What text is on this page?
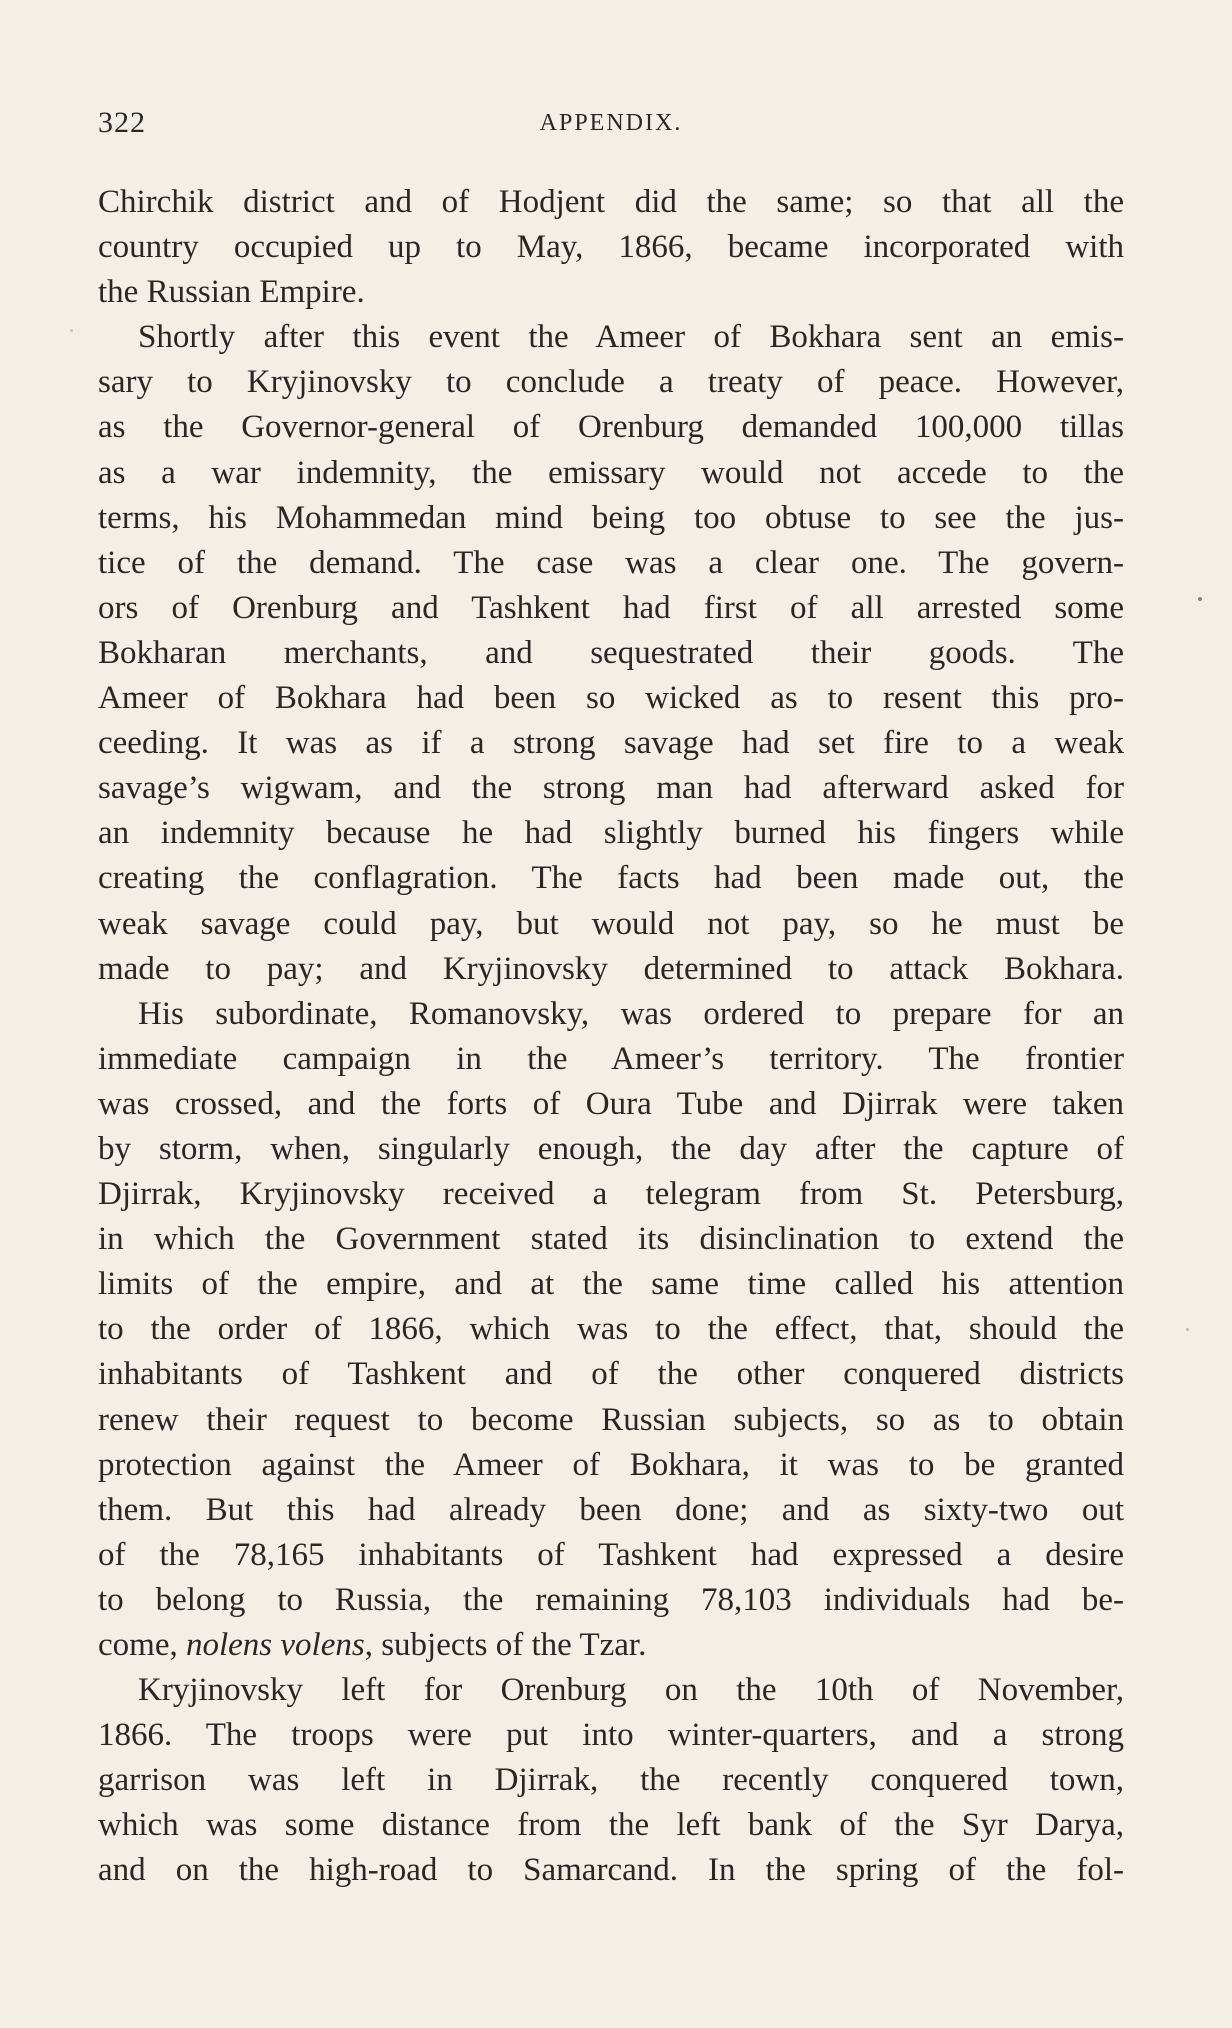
322	APPENDIX.
Chirchik district and of Hodjent did the same; so that all the
country occupied up to May, 1866, became incorporated with
the Russian Empire.
Shortly after this event the Ameer of Bokhara sent an emis-
sary to Kryjinovsky to conclude a treaty of peace. However,
as the Governor-general of Orenburg demanded 100,000 tillas
as a war indemnity, the emissary would not accede to the
terms, his Mohammedan mind being too obtuse to see the jus-
tice of the demand. The case was a clear one. The govern-
ors of Orenburg and Tashkent had first of all arrested some
Bokharan merchants, and sequestrated their goods. The
Ameer of Bokhara had been so wicked as to resent this pro-
ceeding. It was as if a strong savage had set fire to a weak
savage’s wigwam, and the strong man had afterward asked for
an indemnity because he had slightly burned his fingers while
creating the conflagration. The facts had been made out, the
weak savage could pay, but would not pay, so he must be
made to pay; and Kryjinovsky determined to attack Bokhara.
His subordinate, Romanovsky, was ordered to prepare for an
immediate campaign in the Ameer’s territory. The frontier
was crossed, and the forts of Oura Tube and Djirrak were taken
by storm, when, singularly enough, the day after the capture of
Djirrak, Kryjinovsky received a telegram from St. Petersburg,
in which the Government stated its disinclination to extend the
limits of the empire, and at the same time called his attention
to the order of 1866, which was to the effect, that, should the
inhabitants of Tashkent and of the other conquered districts
renew their request to become Russian subjects, so as to obtain
protection against the Ameer of Bokhara, it was to be granted
them. But this had already been done; and as sixty-two out
of the 78,165 inhabitants of Tashkent had expressed a desire
to belong to Russia, the remaining 78,103 individuals had be-
come, nolens volens, subjects of the Tzar.
Kryjinovsky left for Orenburg on the 10th of November,
1866. The troops were put into winter-quarters, and a strong
garrison was left in Djirrak, the recently conquered town,
which was some distance from the left bank of the Syr Darya,
and on the high-road to Samarcand. In the spring of the fol-
